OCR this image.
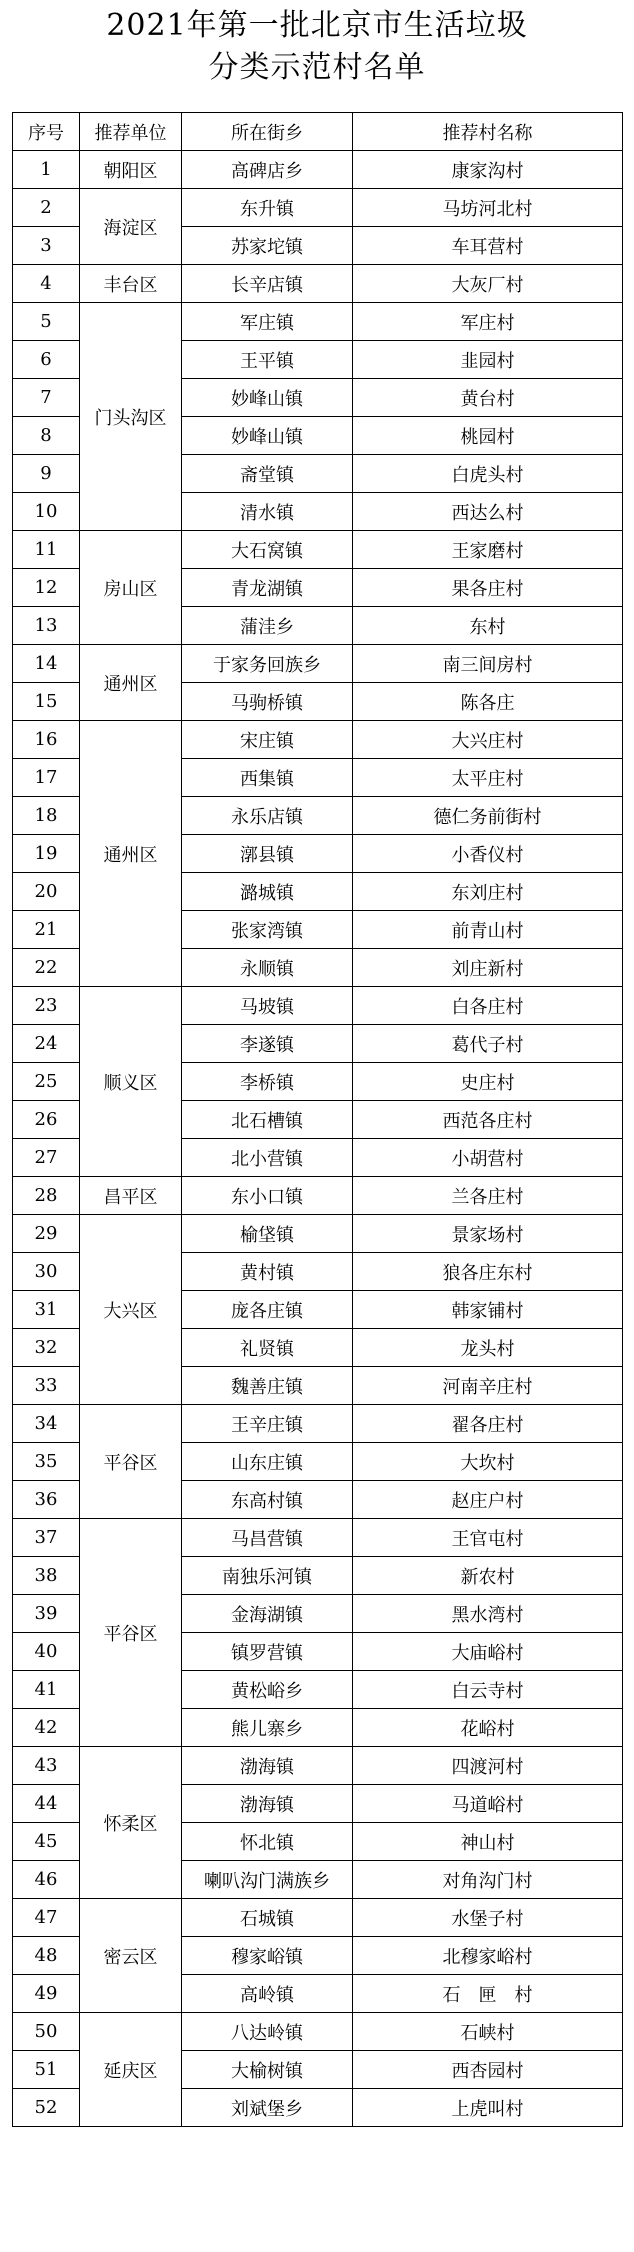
2021年第一批北京市生活垃圾
分类示范村名单
序号	推荐单位	所在街乡	推荐村名称
1	朝阳区	高碑店乡	康家沟村
2	海淀区	东升镇	马坊河北村
3		苏家坨镇	车耳营村
4	丰台区	长辛店镇	大灰厂村
5	门头沟区	军庄镇	军庄村
6		王平镇	韭园村
7		妙峰山镇	黄台村
8		妙峰山镇	桃园村
9		斋堂镇	白虎头村
10		清水镇	西达么村
11	房山区	大石窝镇	王家磨村
12		青龙湖镇	果各庄村
13		蒲洼乡	东村
14	通州区	于家务回族乡	南三间房村
15		马驹桥镇	陈各庄
16	通州区	宋庄镇	大兴庄村
17		西集镇	太平庄村
18		永乐店镇	德仁务前街村
19		漷县镇	小香仪村
20		潞城镇	东刘庄村
21		张家湾镇	前青山村
22		永顺镇	刘庄新村
23	顺义区	马坡镇	白各庄村
24		李遂镇	葛代子村
25		李桥镇	史庄村
26		北石槽镇	西范各庄村
27		北小营镇	小胡营村
28	昌平区	东小口镇	兰各庄村
29	大兴区	榆垡镇	景家场村
30		黄村镇	狼各庄东村
31		庞各庄镇	韩家铺村
32		礼贤镇	龙头村
33		魏善庄镇	河南辛庄村
34	平谷区	王辛庄镇	翟各庄村
35		山东庄镇	大坎村
36		东高村镇	赵庄户村
37	平谷区	马昌营镇	王官屯村
38		南独乐河镇	新农村
39		金海湖镇	黑水湾村
40		镇罗营镇	大庙峪村
41		黄松峪乡	白云寺村
42		熊儿寨乡	花峪村
43	怀柔区	渤海镇	四渡河村
44		渤海镇	马道峪村
45		怀北镇	神山村
46		喇叭沟门满族乡	对角沟门村
47	密云区	石城镇	水堡子村
48		穆家峪镇	北穆家峪村
49		高岭镇	石　匣　村
50	延庆区	八达岭镇	石峡村
51		大榆树镇	西杏园村
52		刘斌堡乡	上虎叫村
